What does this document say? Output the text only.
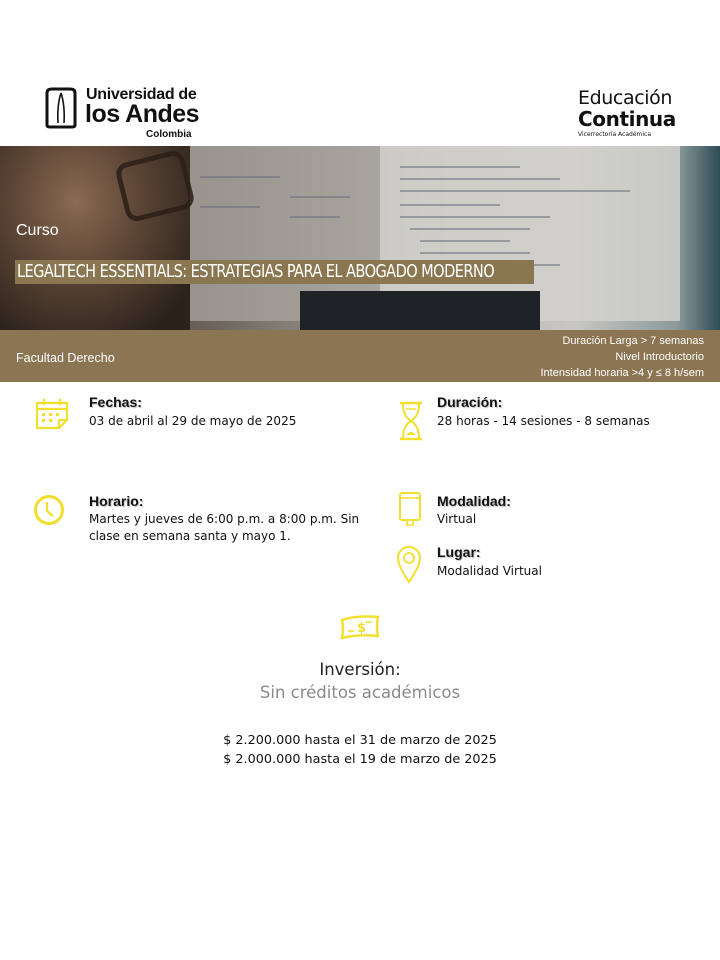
Universidad de
los Andes
Colombia
Educación
Continua
Vicerrectoría Académica
Curso
LEGALTECH ESSENTIALS: ESTRATEGIAS PARA EL ABOGADO MODERNO
Facultad Derecho
Duración Larga > 7 semanas
Nivel Introductorio
Intensidad horaria >4 y ≤ 8 h/sem
Fechas:
03 de abril al 29 de mayo de 2025
Duración:
28 horas - 14 sesiones - 8 semanas
Horario:
Martes y jueves de 6:00 p.m. a 8:00 p.m. Sin clase en semana santa y mayo 1.
Modalidad:
Virtual
Lugar:
Modalidad Virtual
$
Inversión:
Sin créditos académicos
$ 2.200.000 hasta el 31 de marzo de 2025
$ 2.000.000 hasta el 19 de marzo de 2025
